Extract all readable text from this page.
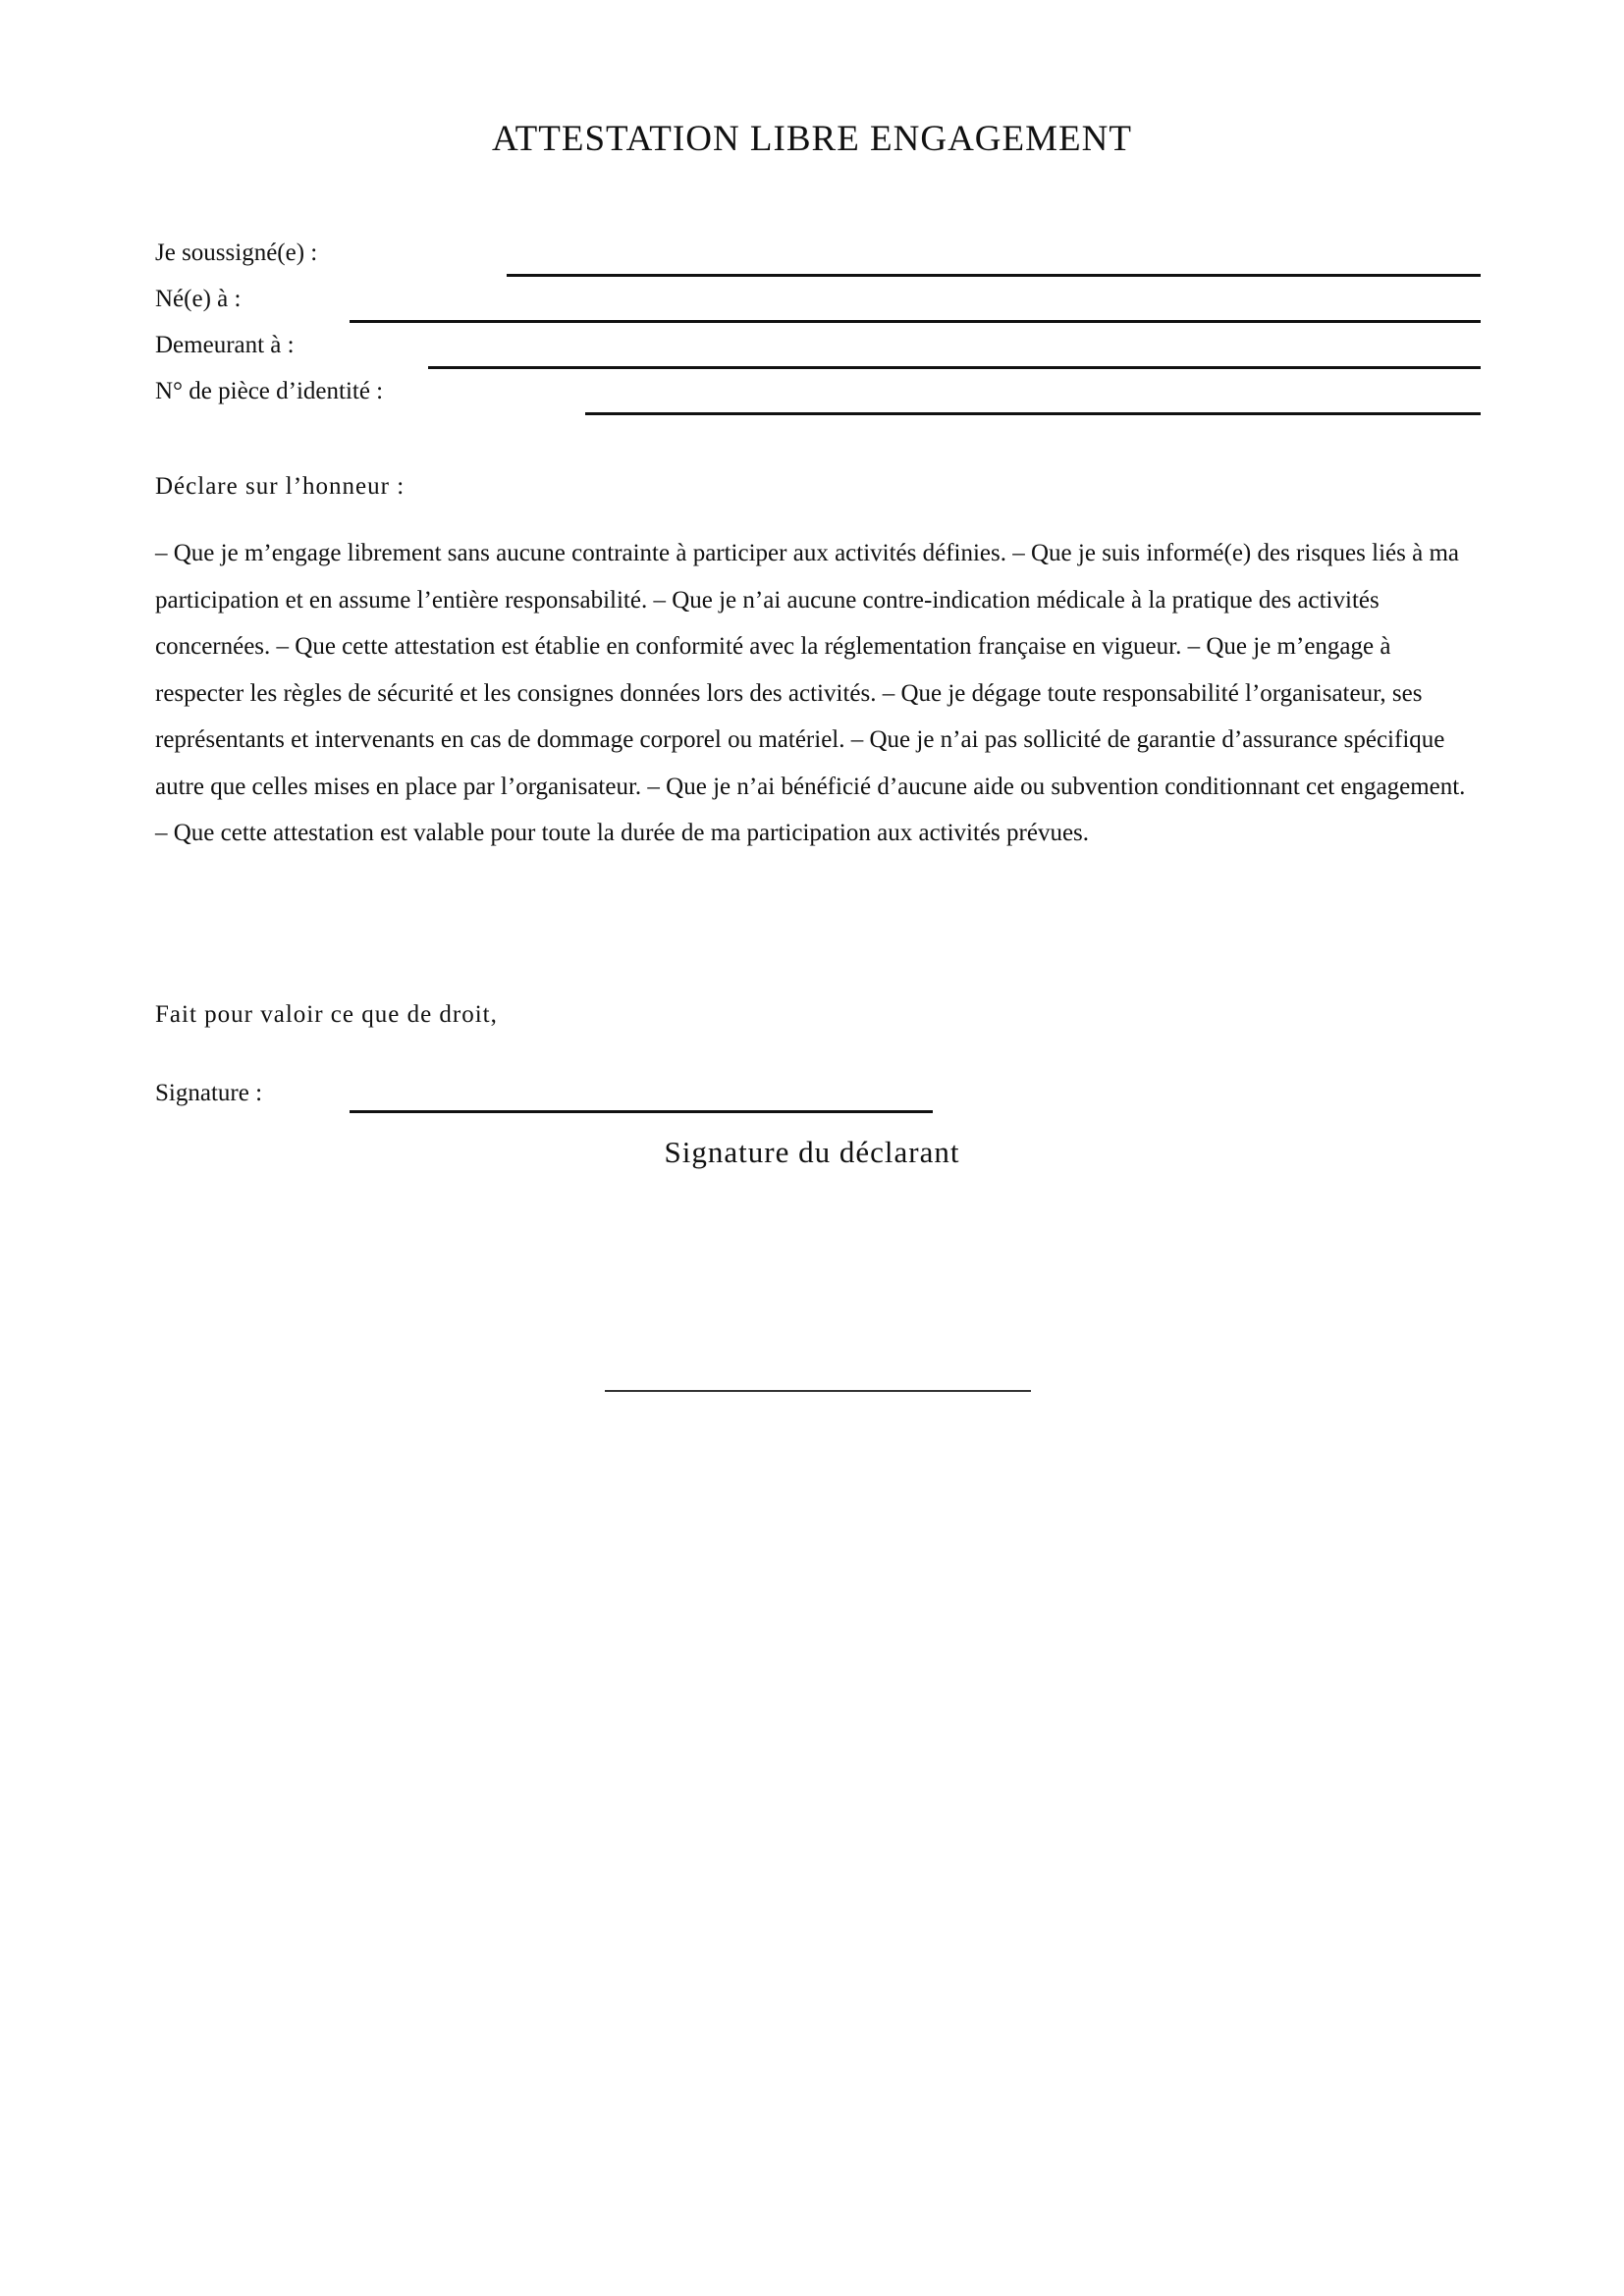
ATTESTATION LIBRE ENGAGEMENT
Je soussigné(e) :
Né(e) à :
Demeurant à :
N° de pièce d’identité :
Déclare sur l’honneur :
– Que je m’engage librement sans aucune contrainte à participer aux activités définies. – Que je suis informé(e) des risques liés à ma participation et en assume l’entière responsabilité. – Que je n’ai aucune contre-indication médicale à la pratique des activités concernées. – Que cette attestation est établie en conformité avec la réglementation française en vigueur. – Que je m’engage à respecter les règles de sécurité et les consignes données lors des activités. – Que je dégage toute responsabilité l’organisateur, ses représentants et intervenants en cas de dommage corporel ou matériel. – Que je n’ai pas sollicité de garantie d’assurance spécifique autre que celles mises en place par l’organisateur. – Que je n’ai bénéficié d’aucune aide ou subvention conditionnant cet engagement. – Que cette attestation est valable pour toute la durée de ma participation aux activités prévues.
Fait pour valoir ce que de droit,
Signature :
Signature du déclarant
